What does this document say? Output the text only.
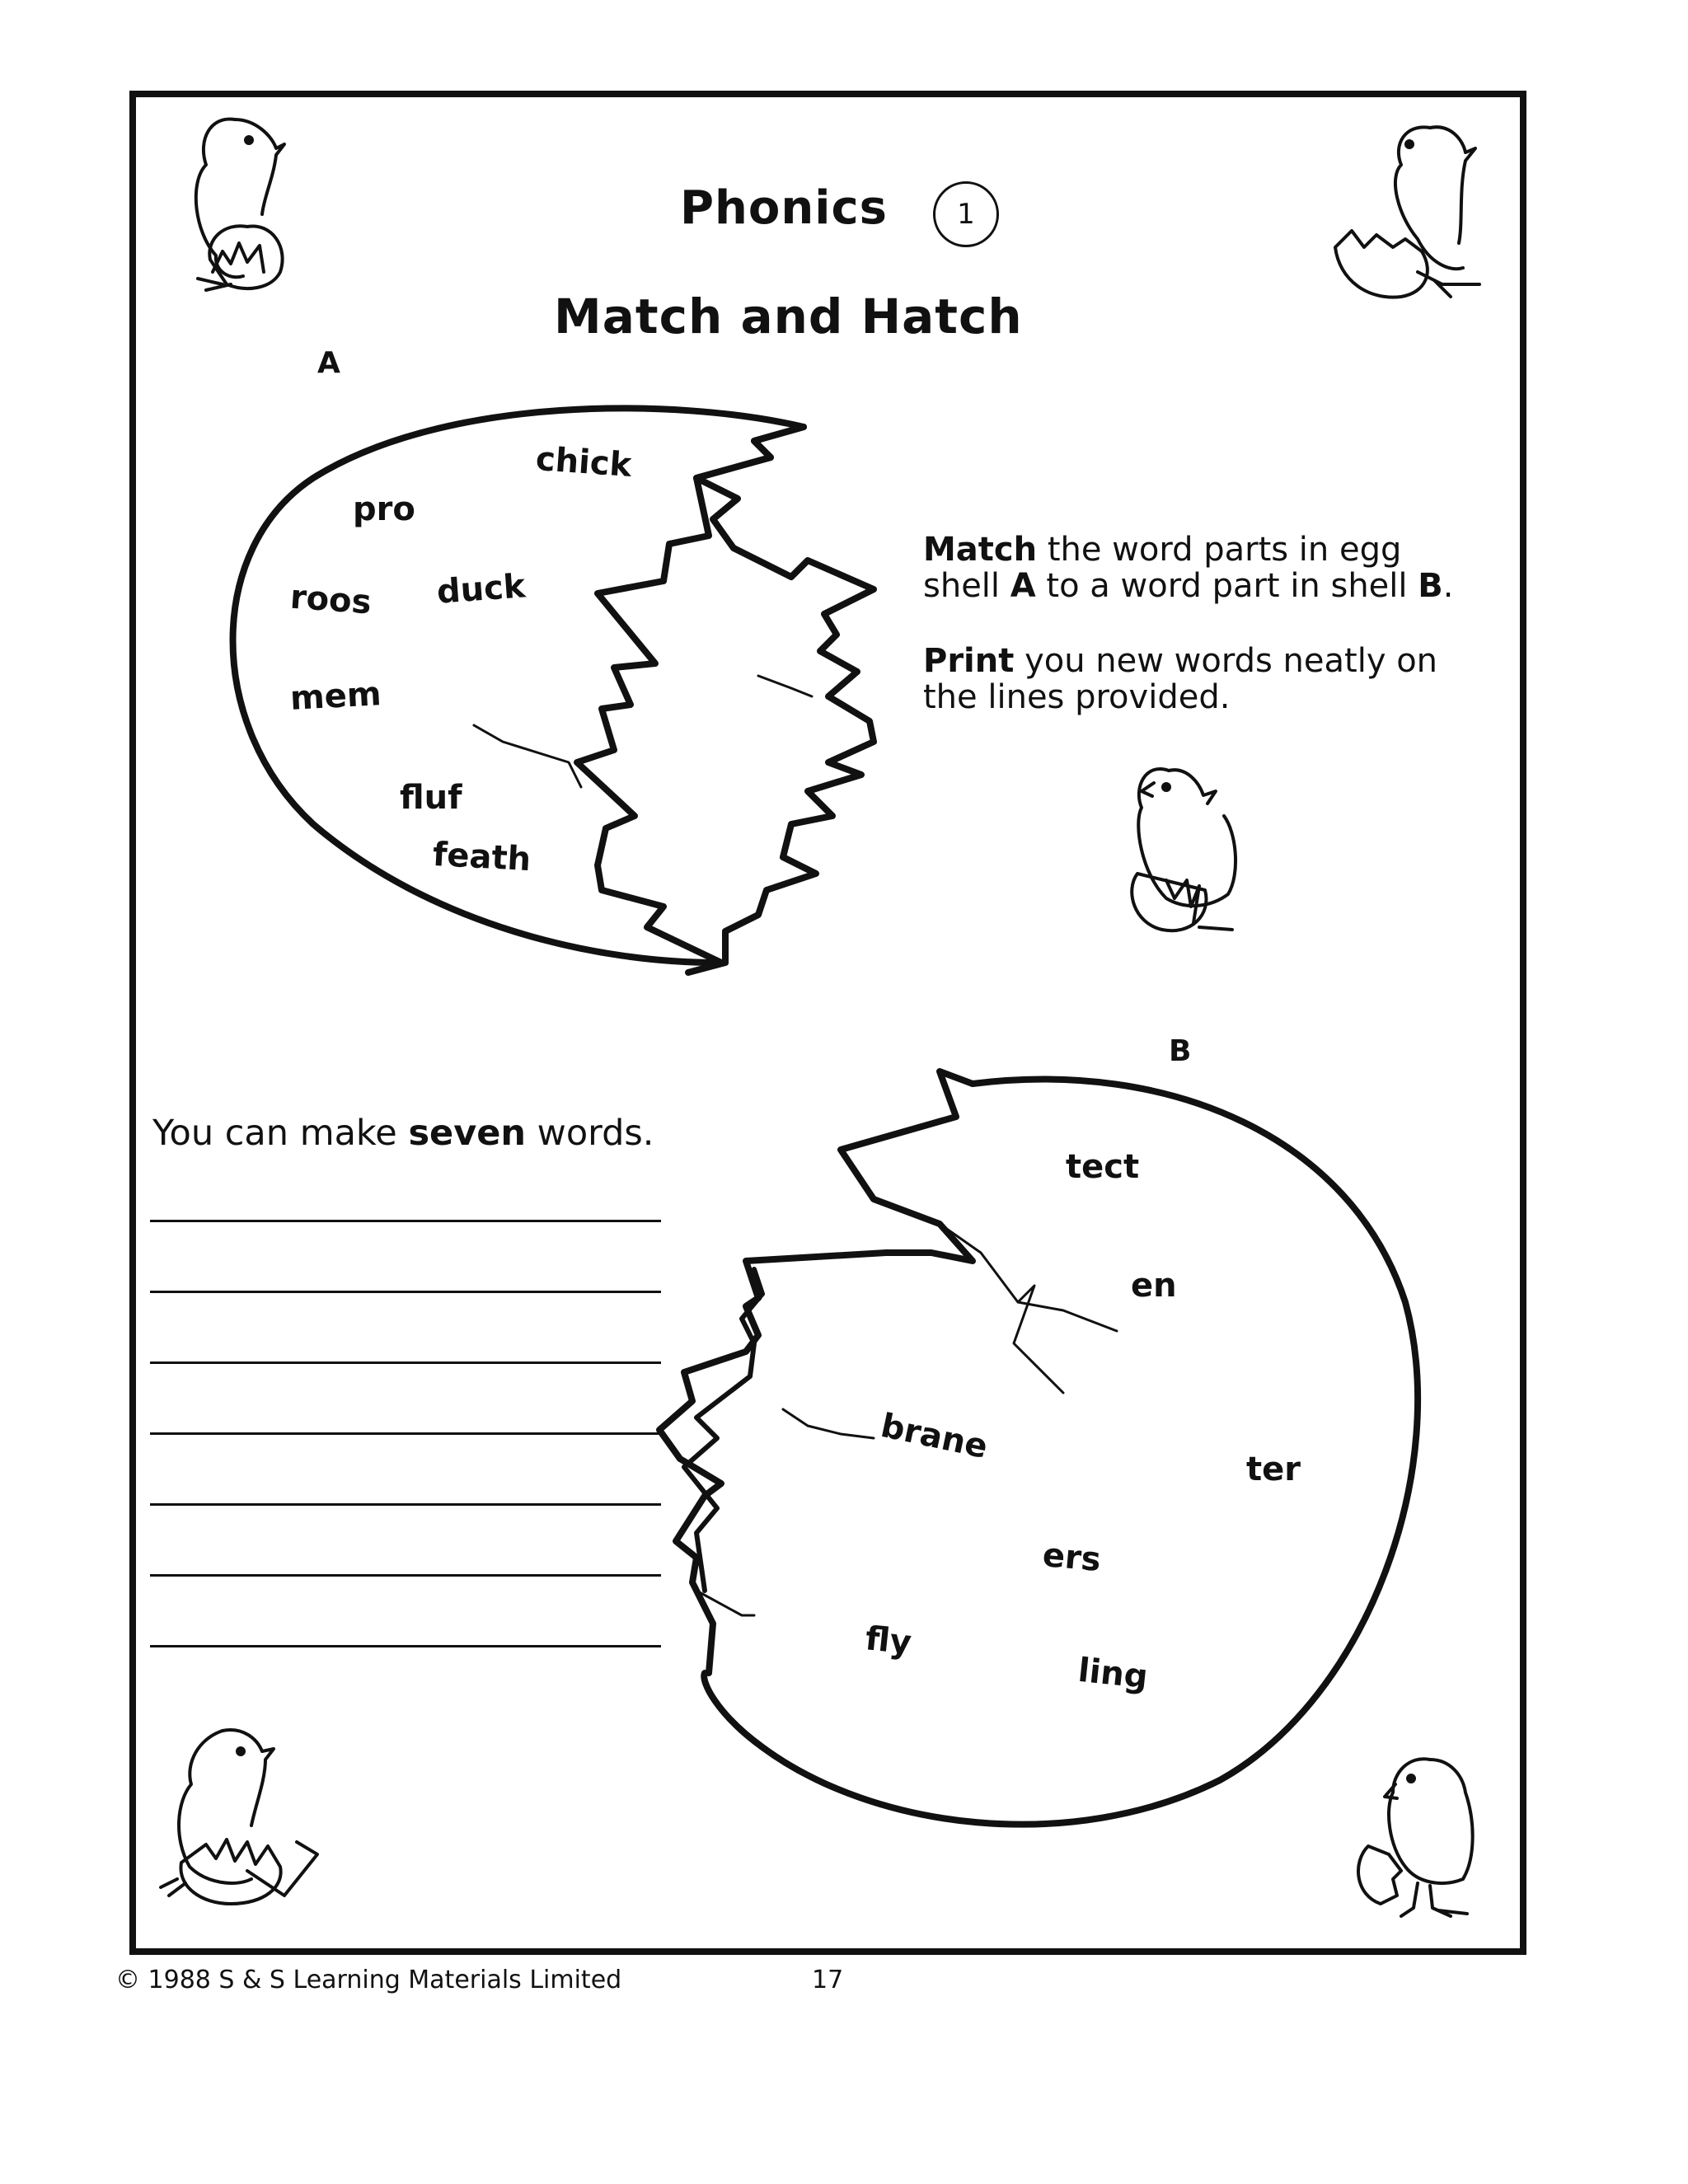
Phonics	1
Match and Hatch
A
B
chick
pro
roos duck
mem
fluf
feath
Match the word parts in egg
shell A to a word part in shell B.
Print you new words neatly on
the lines provided.
tect
en
brane
ter
ers
fly
ling
You can make seven words.
© 1988 S & S Learning Materials Limited	17
